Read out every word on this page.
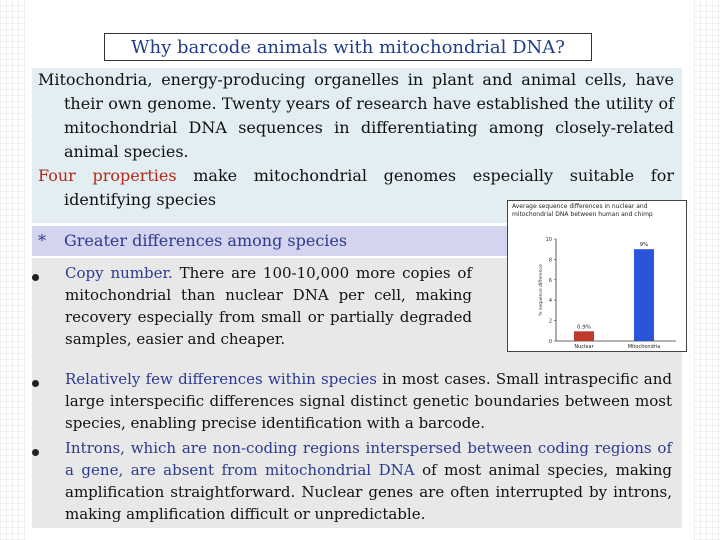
Why barcode animals with mitochondrial DNA?

Mitochondria, energy-producing organelles in plant and animal cells, have their own genome. Twenty years of research have established the utility of mitochondrial DNA sequences in differentiating among closely-related animal species.

Four properties make mitochondrial genomes especially suitable for identifying species

* Greater differences among species
Copy number. There are 100-10,000 more copies of mitochondrial than nuclear DNA per cell, making recovery especially from small or partially degraded samples, easier and cheaper.
Relatively few differences within species in most cases. Small intraspecific and large interspecific differences signal distinct genetic boundaries between most species, enabling precise identification with a barcode.
Introns, which are non-coding regions interspersed between coding regions of a gene, are absent from mitochondrial DNA of most animal species, making amplification straightforward. Nuclear genes are often interrupted by introns, making amplification difficult or unpredictable.
Average sequence differences in nuclear and mitochondrial DNA between human and chimp
0
2
4
6
8
10
% sequence difference
0.9%
Nuclear
9%
Mitochondria
